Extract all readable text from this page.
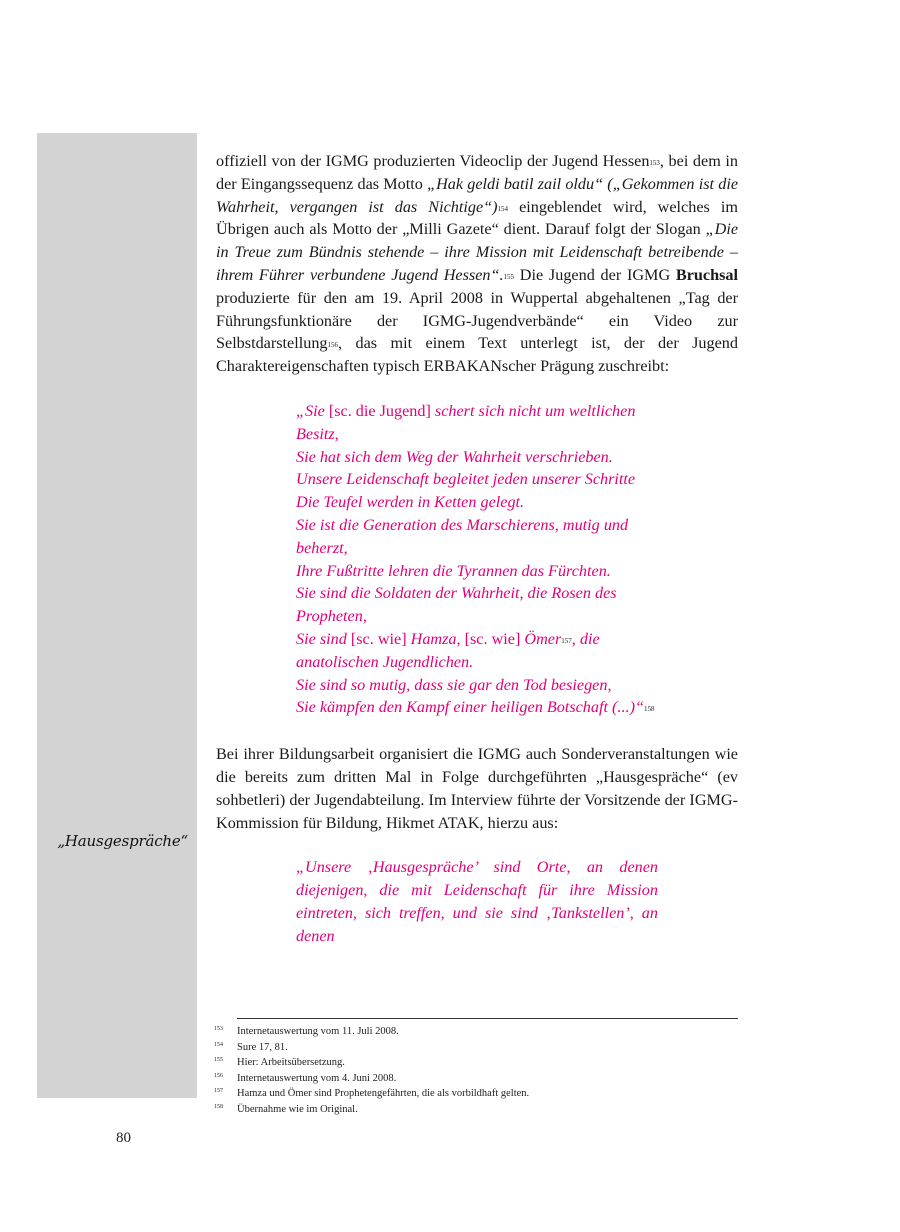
„Hausgespräche“

offiziell von der IGMG produzierten Videoclip der Jugend Hessen$^{153}$, bei dem in der Eingangssequenz das Motto „Hak geldi batil zail oldu“ („Gekommen ist die Wahrheit, vergangen ist das Nichtige“)$^{154}$ eingeblendet wird, welches im Übrigen auch als Motto der „Milli Gazete“ dient. Darauf folgt der Slogan „Die in Treue zum Bündnis stehende – ihre Mission mit Leidenschaft betreibende – ihrem Führer verbundene Jugend Hessen“.$^{155}$ Die Jugend der IGMG Bruchsal produzierte für den am 19. April 2008 in Wuppertal abgehaltenen „Tag der Führungsfunktionäre der IGMG-Jugendverbände“ ein Video zur Selbstdarstellung$^{156}$, das mit einem Text unterlegt ist, der der Jugend Charaktereigenschaften typisch ERBAKANscher Prägung zuschreibt:

„Sie [sc. die Jugend] schert sich nicht um weltlichen Besitz,
Sie hat sich dem Weg der Wahrheit verschrieben.
Unsere Leidenschaft begleitet jeden unserer Schritte
Die Teufel werden in Ketten gelegt.
Sie ist die Generation des Marschierens, mutig und beherzt,
Ihre Fußtritte lehren die Tyrannen das Fürchten.
Sie sind die Soldaten der Wahrheit, die Rosen des Propheten,
Sie sind [sc. wie] Hamza, [sc. wie] Ömer$^{157}$, die anatolischen Jugendlichen.
Sie sind so mutig, dass sie gar den Tod besiegen,
Sie kämpfen den Kampf einer heiligen Botschaft (...)“$^{158}$

Bei ihrer Bildungsarbeit organisiert die IGMG auch Sonderveranstaltungen wie die bereits zum dritten Mal in Folge durchgeführten „Hausgespräche“ (ev sohbetleri) der Jugendabteilung. Im Interview führte der Vorsitzende der IGMG-Kommission für Bildung, Hikmet ATAK, hierzu aus:

„Unsere ‚Hausgespräche’ sind Orte, an denen diejenigen, die mit Leidenschaft für ihre Mission eintreten, sich treffen, und sie sind ‚Tankstellen’, an denen
153	Internetauswertung vom 11. Juli 2008.
154	Sure 17, 81.
155	Hier: Arbeitsübersetzung.
156	Internetauswertung vom 4. Juni 2008.
157	Hamza und Ömer sind Prophetengefährten, die als vorbildhaft gelten.
158	Übernahme wie im Original.
80
